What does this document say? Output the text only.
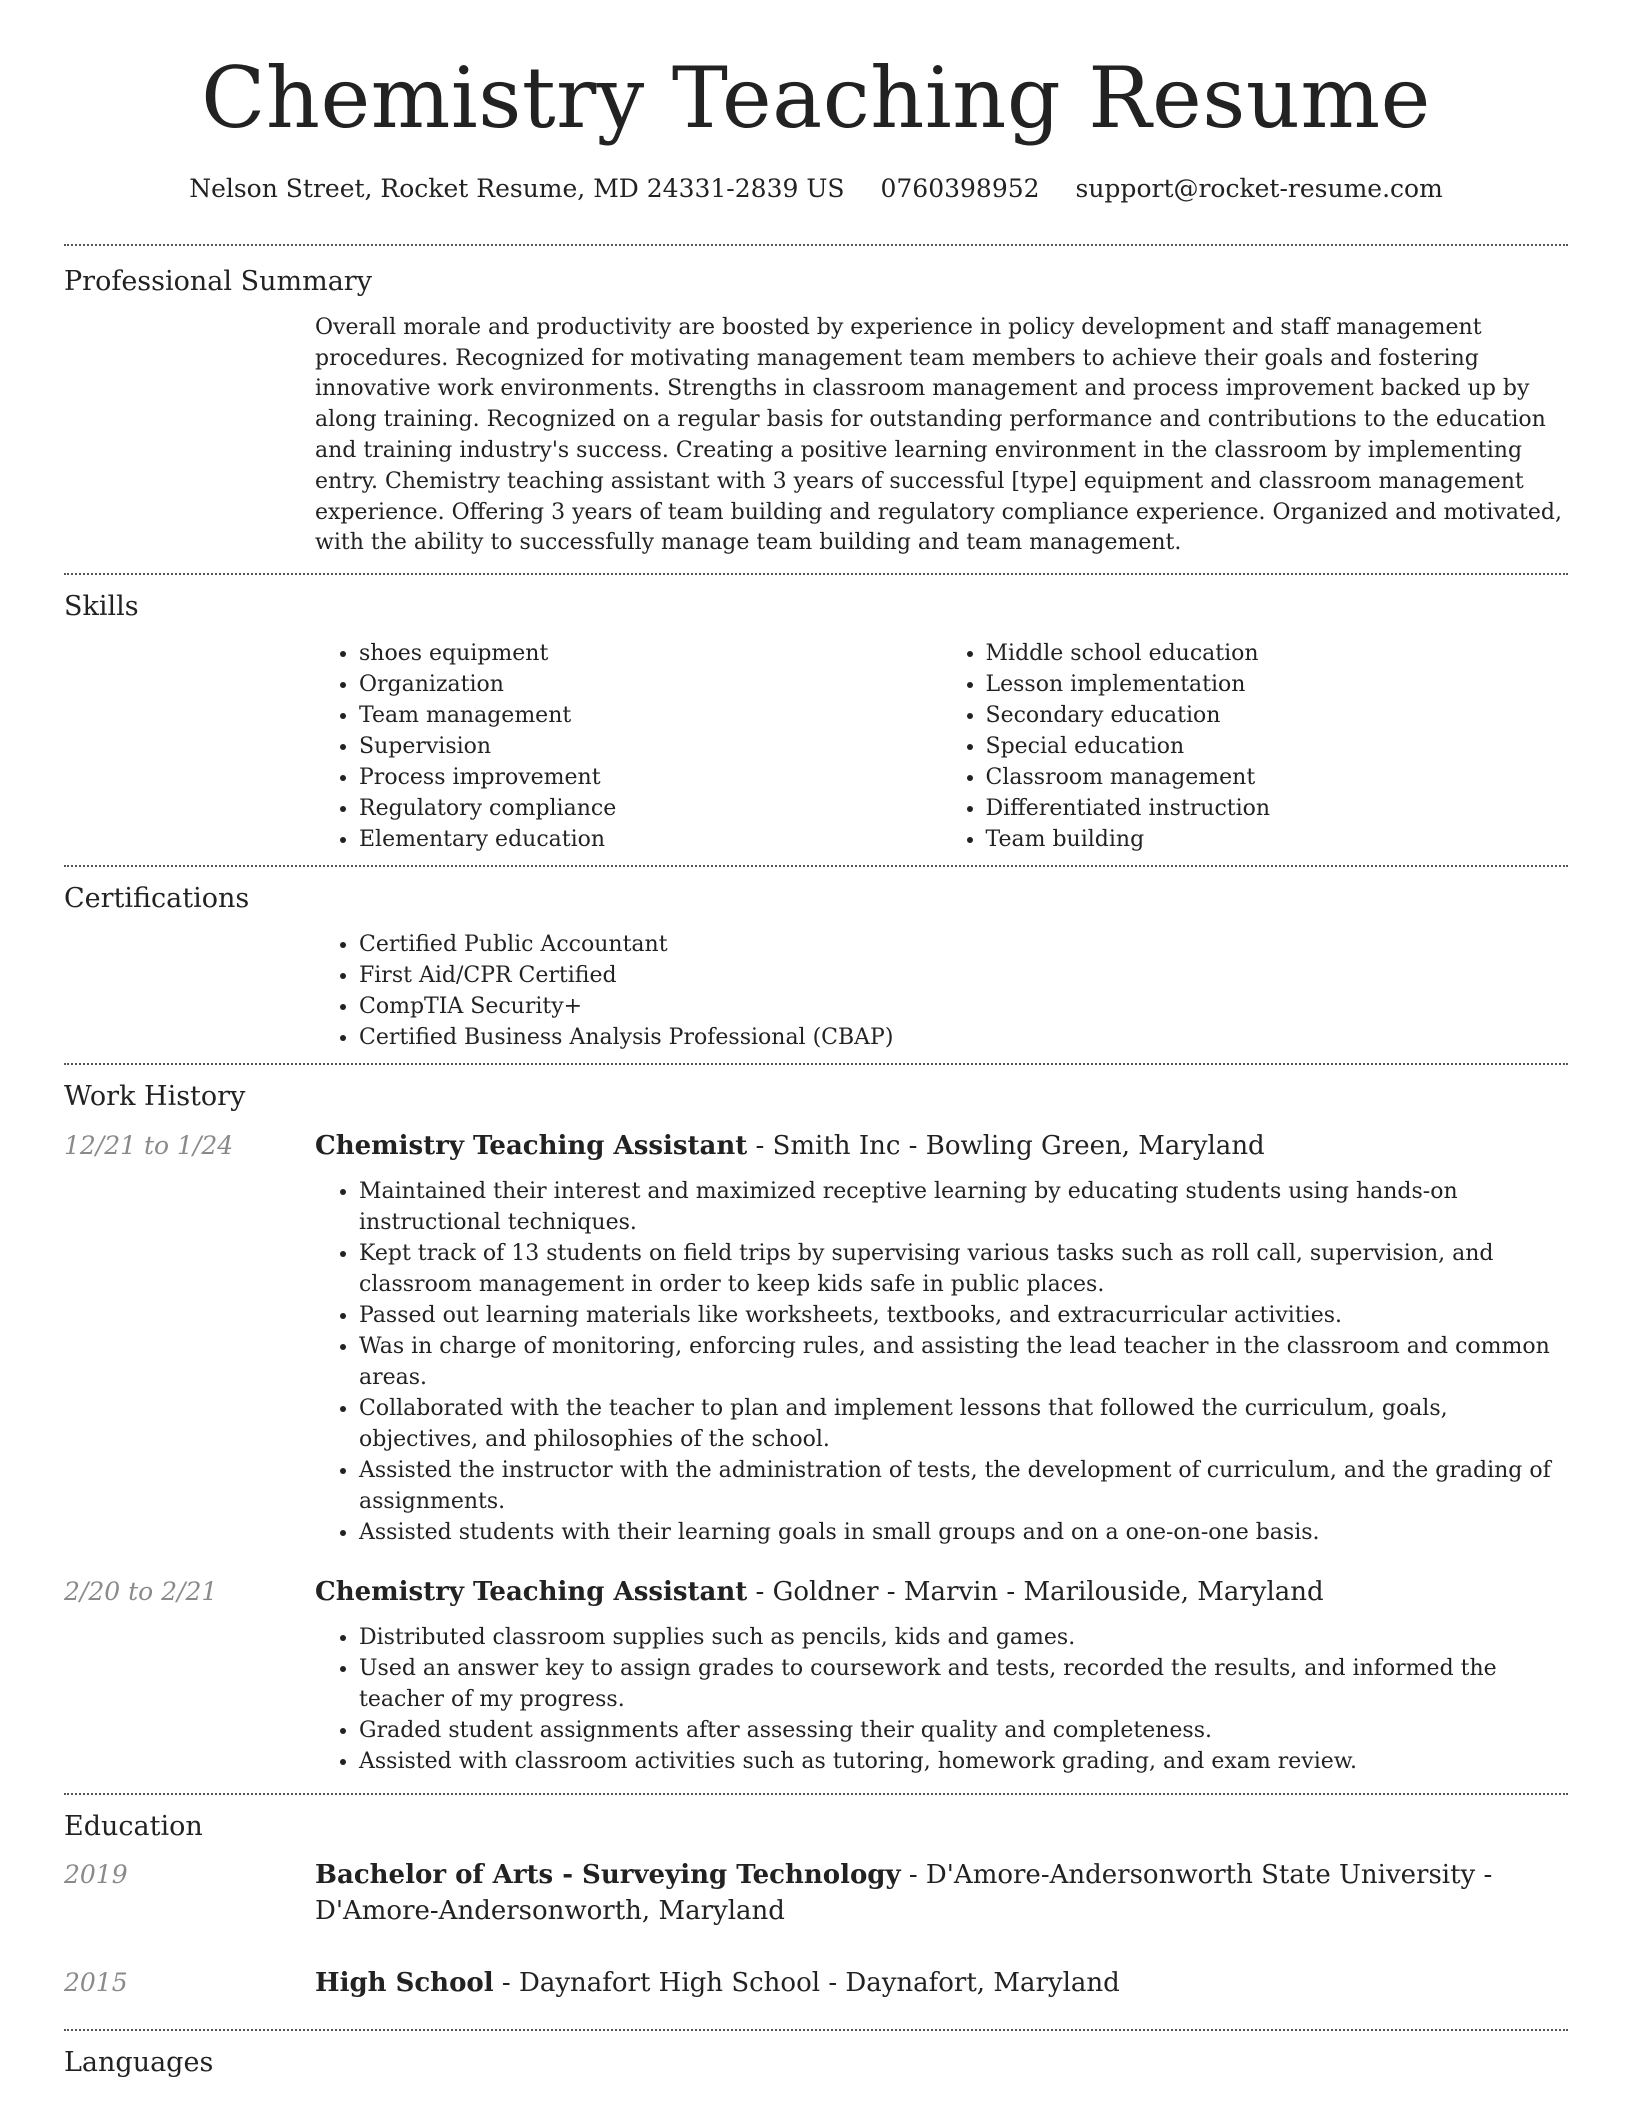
Chemistry Teaching Resume
Nelson Street, Rocket Resume, MD 24331-2839 US 0760398952 support@rocket-resume.com
Professional Summary
Overall morale and productivity are boosted by experience in policy development and staff management procedures. Recognized for motivating management team members to achieve their goals and fostering innovative work environments. Strengths in classroom management and process improvement backed up by along training. Recognized on a regular basis for outstanding performance and contributions to the education and training industry's success. Creating a positive learning environment in the classroom by implementing entry. Chemistry teaching assistant with 3 years of successful [type] equipment and classroom management experience. Offering 3 years of team building and regulatory compliance experience. Organized and motivated, with the ability to successfully manage team building and team management.
Skills
• shoes equipment
• Organization
• Team management
• Supervision
• Process improvement
• Regulatory compliance
• Elementary education
• Middle school education
• Lesson implementation
• Secondary education
• Special education
• Classroom management
• Differentiated instruction
• Team building
Certifications
• Certified Public Accountant
• First Aid/CPR Certified
• CompTIA Security+
• Certified Business Analysis Professional (CBAP)
Work History
12/21 to 1/24	Chemistry Teaching Assistant - Smith Inc - Bowling Green, Maryland
• Maintained their interest and maximized receptive learning by educating students using hands-on instructional techniques.
• Kept track of 13 students on field trips by supervising various tasks such as roll call, supervision, and classroom management in order to keep kids safe in public places.
• Passed out learning materials like worksheets, textbooks, and extracurricular activities.
• Was in charge of monitoring, enforcing rules, and assisting the lead teacher in the classroom and common areas.
• Collaborated with the teacher to plan and implement lessons that followed the curriculum, goals, objectives, and philosophies of the school.
• Assisted the instructor with the administration of tests, the development of curriculum, and the grading of assignments.
• Assisted students with their learning goals in small groups and on a one-on-one basis.
2/20 to 2/21	Chemistry Teaching Assistant - Goldner - Marvin - Marilouside, Maryland
• Distributed classroom supplies such as pencils, kids and games.
• Used an answer key to assign grades to coursework and tests, recorded the results, and informed the teacher of my progress.
• Graded student assignments after assessing their quality and completeness.
• Assisted with classroom activities such as tutoring, homework grading, and exam review.
Education
2019	Bachelor of Arts - Surveying Technology - D'Amore-Andersonworth State University - D'Amore-Andersonworth, Maryland
2015	High School - Daynafort High School - Daynafort, Maryland
Languages
